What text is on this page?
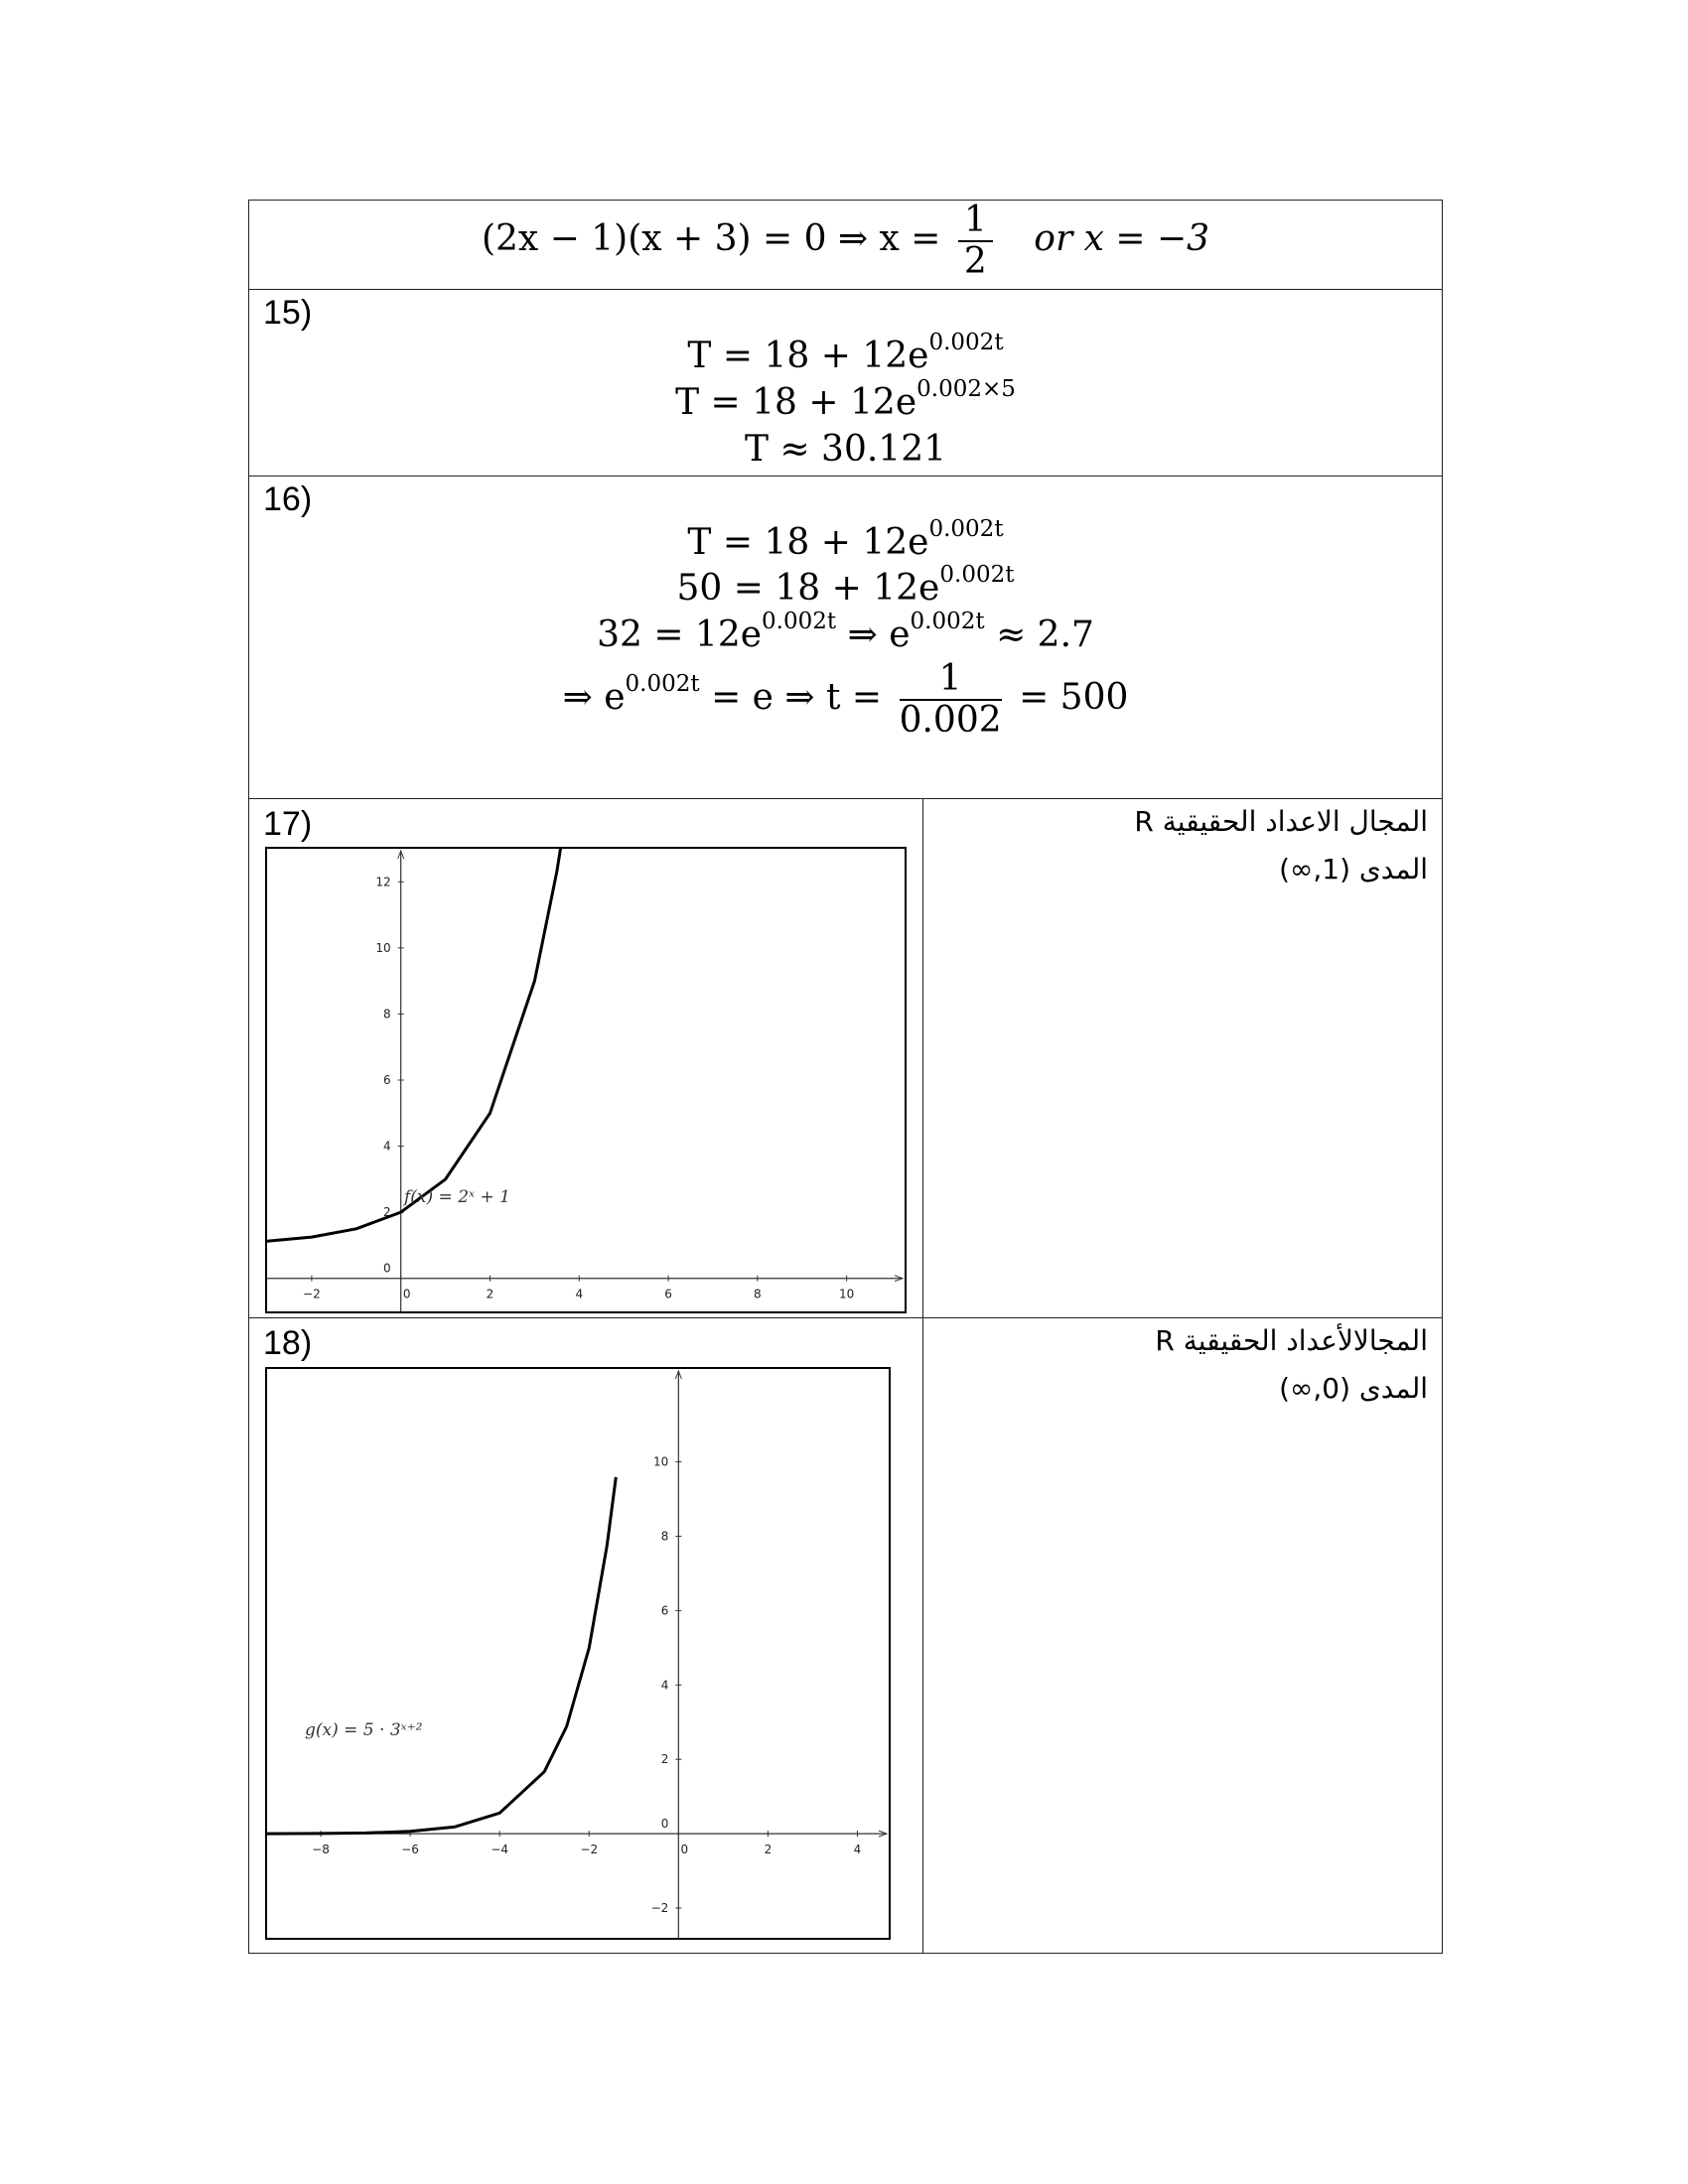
(2x − 1)(x + 3) = 0 ⇒ $x = \frac{1}{2}$ or x = −3
15)
$T = 18 + 12e^{0.002t}$
$T = 18 + 12e^{0.002\times 5}$
T ≈ 30.121
16)
$T = 18 + 12e^{0.002t}$
$50 = 18 + 12e^{0.002t}$
$32 = 12e^{0.002t}$ ⇒ $e^{0.002t} \approx 2.7$
⇒ $e^{0.002t} = e$ ⇒ $t = \frac{1}{0.002} = 500$
17)	المجال الاعداد الحقيقية R
المدى (1,∞)
−2	0	2	4	6	8	10
0
2
4
6
8
10
12
f(x) = 2ˣ + 1
18)	المجالالأعداد الحقيقية R
المدى (0,∞)
−8	−6	−4	−2	0	2	4
−2
0
2
4
6
8
10
g(x) = 5 · 3ˣ⁺²
